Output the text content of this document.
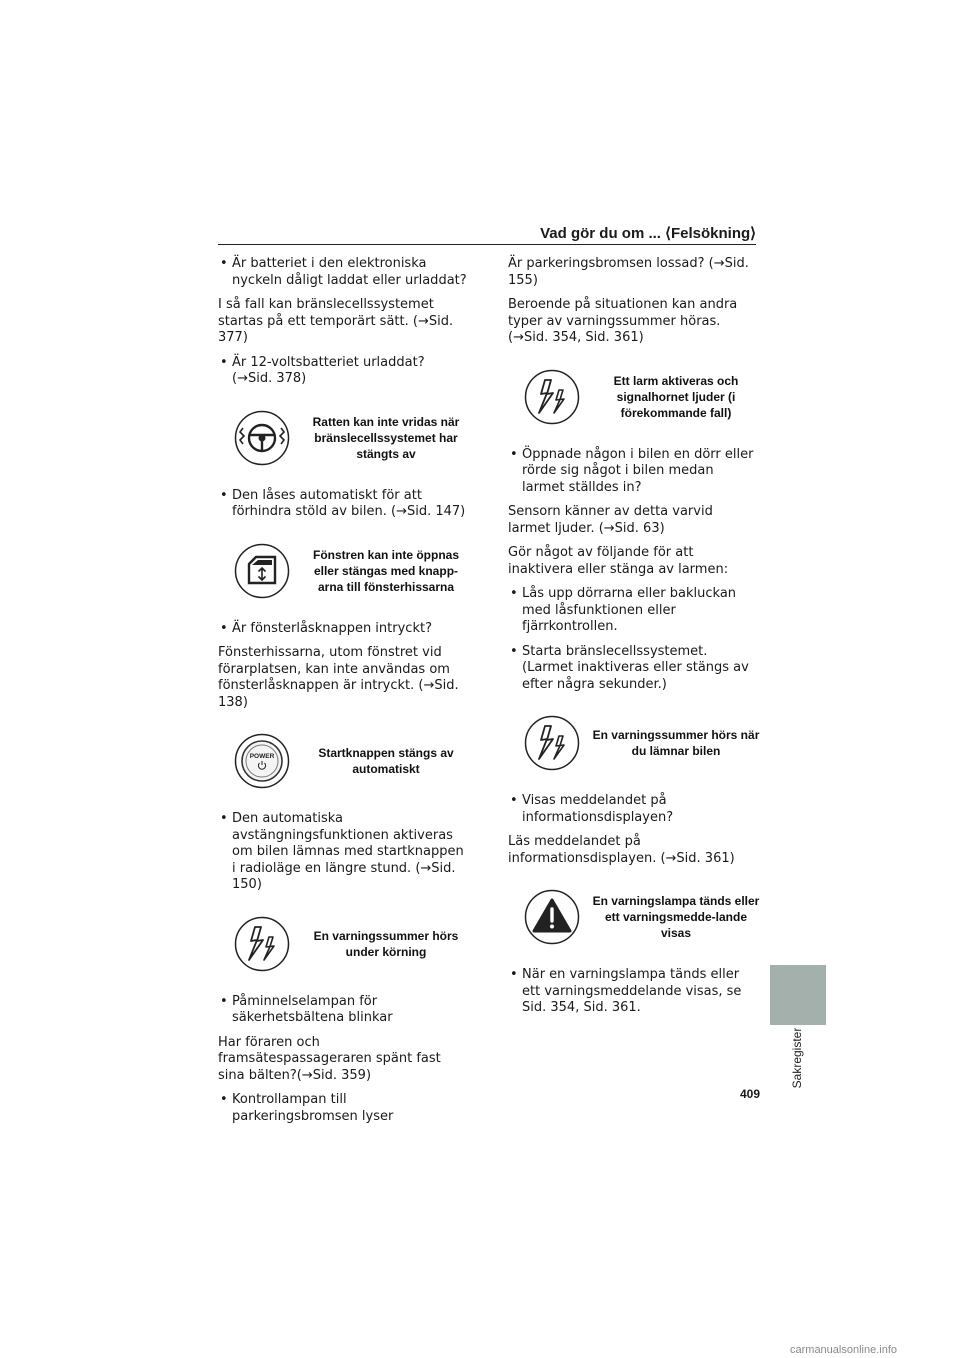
Vad gör du om ... ⟨Felsökning⟩

• Är batteriet i den elektroniska nyckeln dåligt laddat eller urladdat?

I så fall kan bränslecellssystemet startas på ett temporärt sätt. (→Sid. 377)

• Är 12-voltsbatteriet urladdat? (→Sid. 378)

Ratten kan inte vridas när bränslecellssystemet har stängts av

• Den låses automatiskt för att förhindra stöld av bilen. (→Sid. 147)

Fönstren kan inte öppnas eller stängas med knapp-arna till fönsterhissarna

• Är fönsterlåsknappen intryckt?

Fönsterhissarna, utom fönstret vid förarplatsen, kan inte användas om fönsterlåsknappen är intryckt. (→Sid. 138)

POWER	Startknappen stängs av automatiskt

• Den automatiska avstängningsfunktionen aktiveras om bilen lämnas med startknappen i radioläge en längre stund. (→Sid. 150)

En varningssummer hörs under körning

• Påminnelselampan för säkerhetsbältena blinkar

Har föraren och framsätespassageraren spänt fast sina bälten?(→Sid. 359)

• Kontrollampan till parkeringsbromsen lyser

Är parkeringsbromsen lossad? (→Sid. 155)

Beroende på situationen kan andra typer av varningssummer höras. (→Sid. 354, Sid. 361)

Ett larm aktiveras och signalhornet ljuder (i förekommande fall)

• Öppnade någon i bilen en dörr eller rörde sig något i bilen medan larmet ställdes in?

Sensorn känner av detta varvid larmet ljuder. (→Sid. 63)

Gör något av följande för att inaktivera eller stänga av larmen:

• Lås upp dörrarna eller bakluckan med låsfunktionen eller fjärrkontrollen.

• Starta bränslecellssystemet. (Larmet inaktiveras eller stängs av efter några sekunder.)

En varningssummer hörs när du lämnar bilen

• Visas meddelandet på informationsdisplayen?

Läs meddelandet på informationsdisplayen. (→Sid. 361)

En varningslampa tänds eller ett varningsmedde-lande visas

• När en varningslampa tänds eller ett varningsmeddelande visas, se Sid. 354, Sid. 361.

Sakregister
409
carmanualsonline.info
